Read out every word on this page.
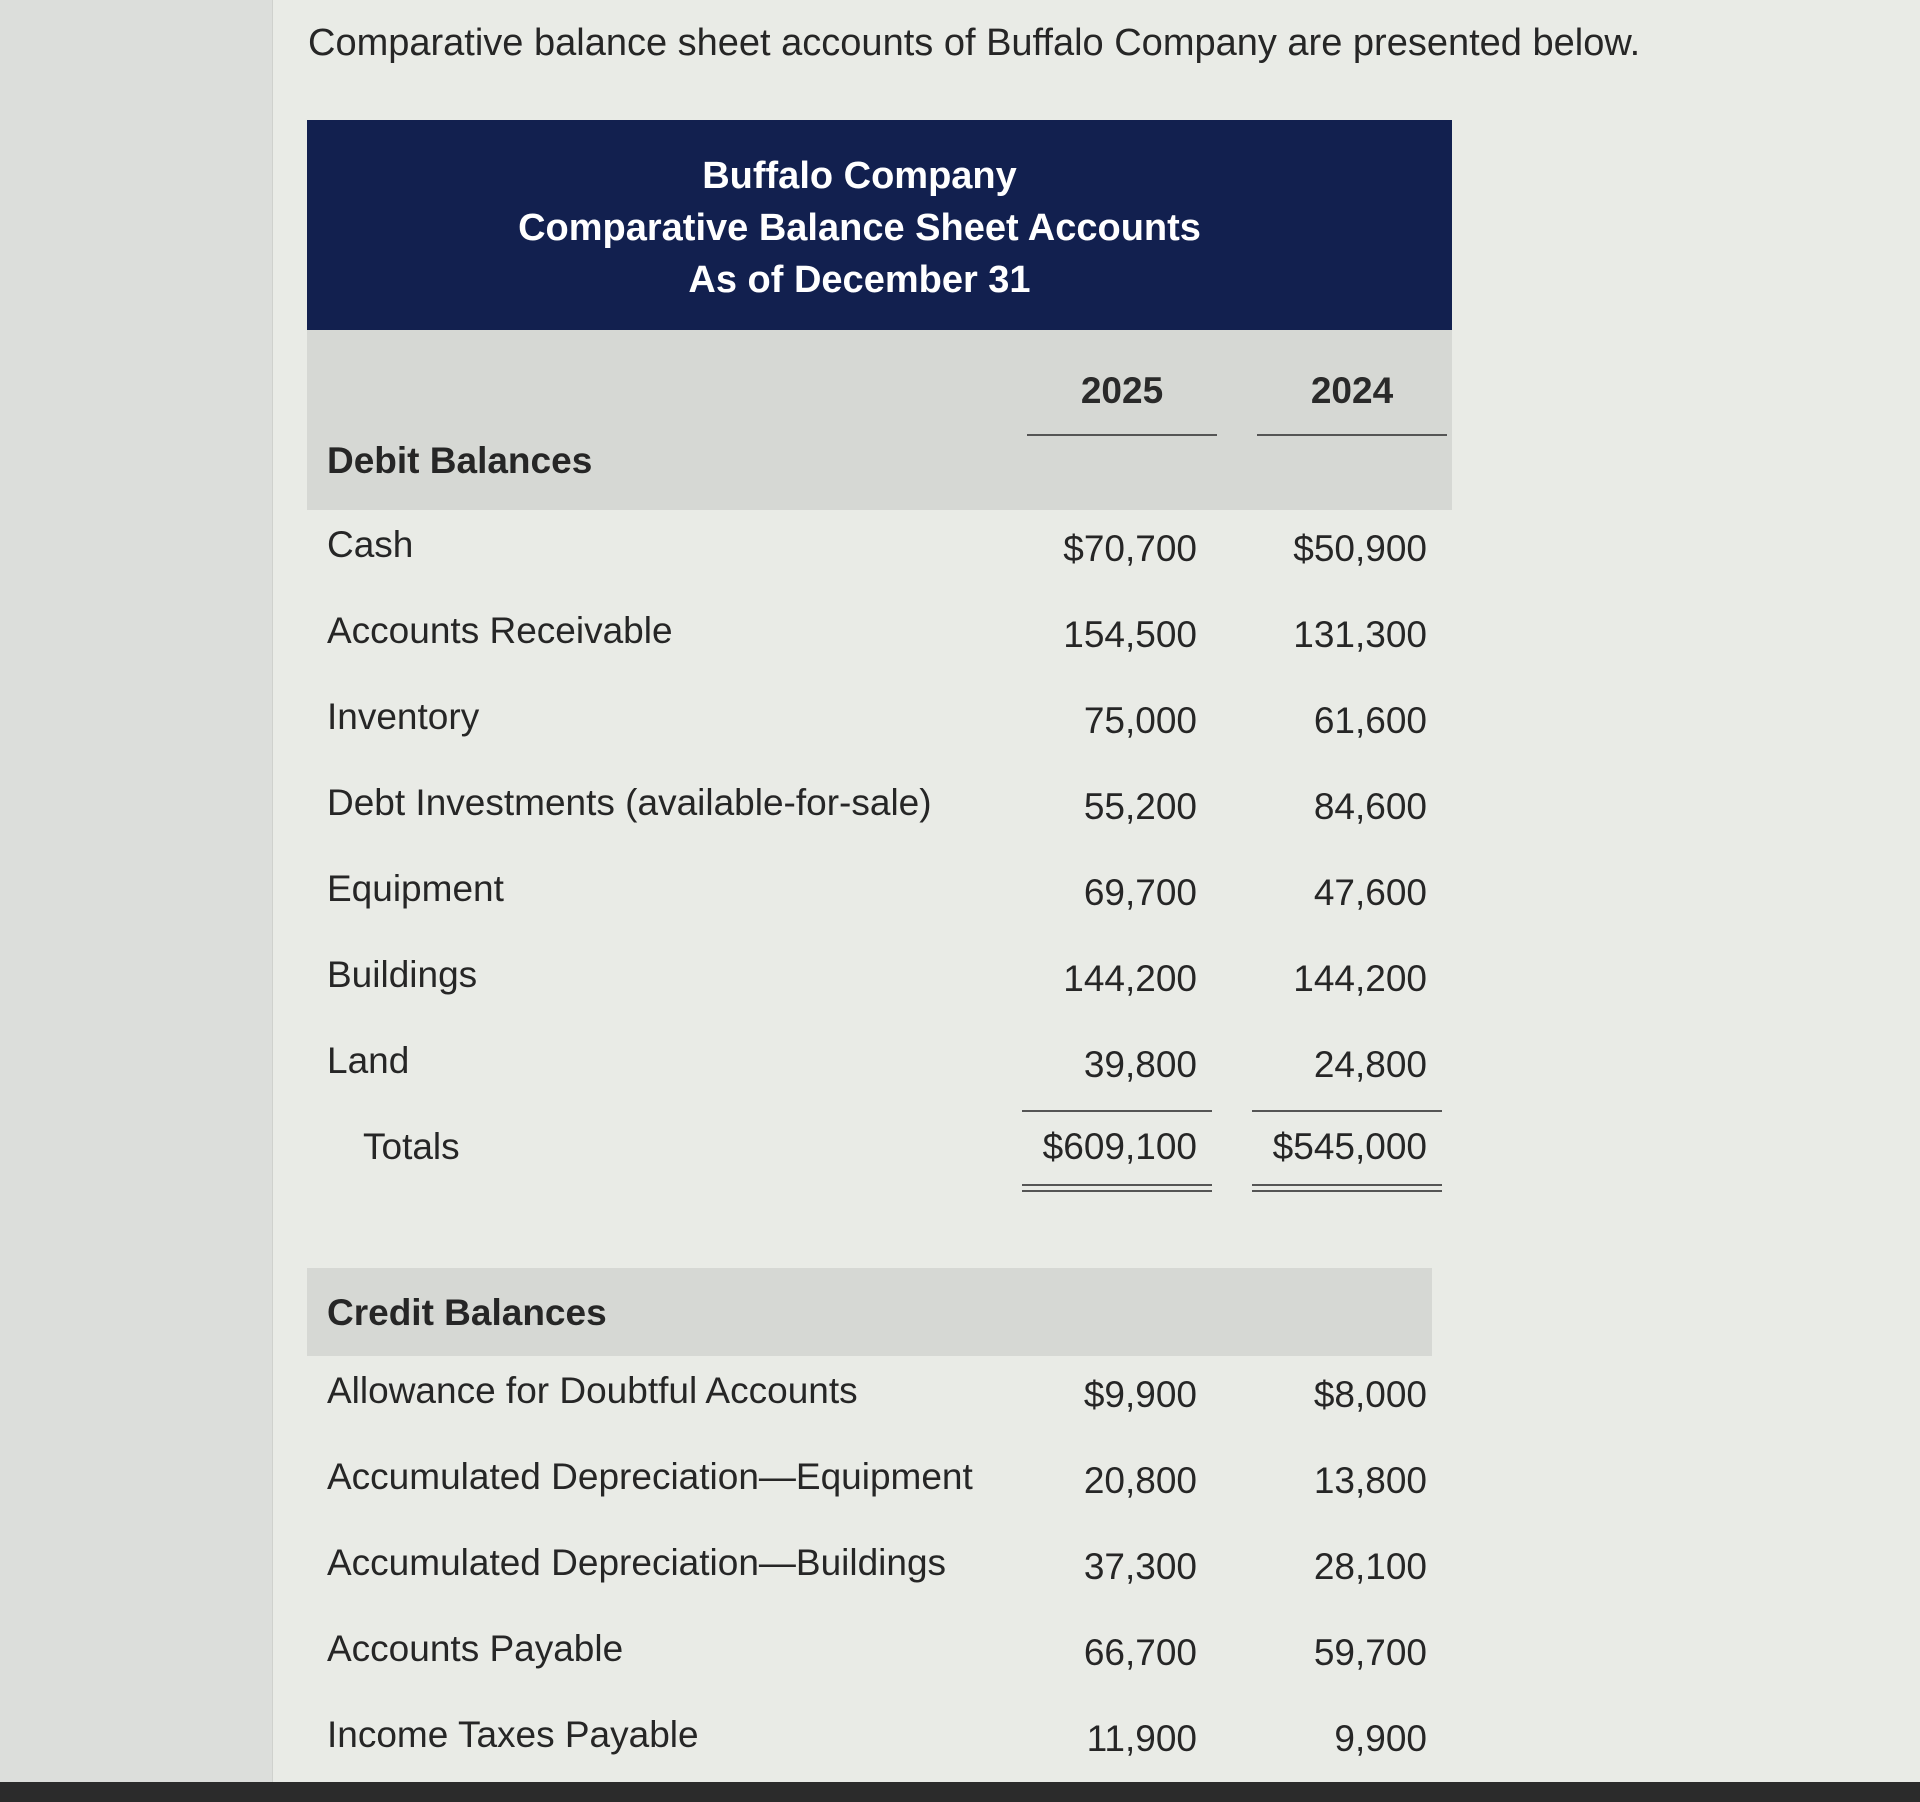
Comparative balance sheet accounts of Buffalo Company are presented below.
Buffalo Company
Comparative Balance Sheet Accounts
As of December 31
2025	2024
Debit Balances
Cash	$70,700	$50,900
Accounts Receivable	154,500	131,300
Inventory	75,000	61,600
Debt Investments (available-for-sale)	55,200	84,600
Equipment	69,700	47,600
Buildings	144,200	144,200
Land	39,800	24,800
Totals	$609,100	$545,000
Credit Balances
Allowance for Doubtful Accounts	$9,900	$8,000
Accumulated Depreciation—Equipment	20,800	13,800
Accumulated Depreciation—Buildings	37,300	28,100
Accounts Payable	66,700	59,700
Income Taxes Payable	11,900	9,900
